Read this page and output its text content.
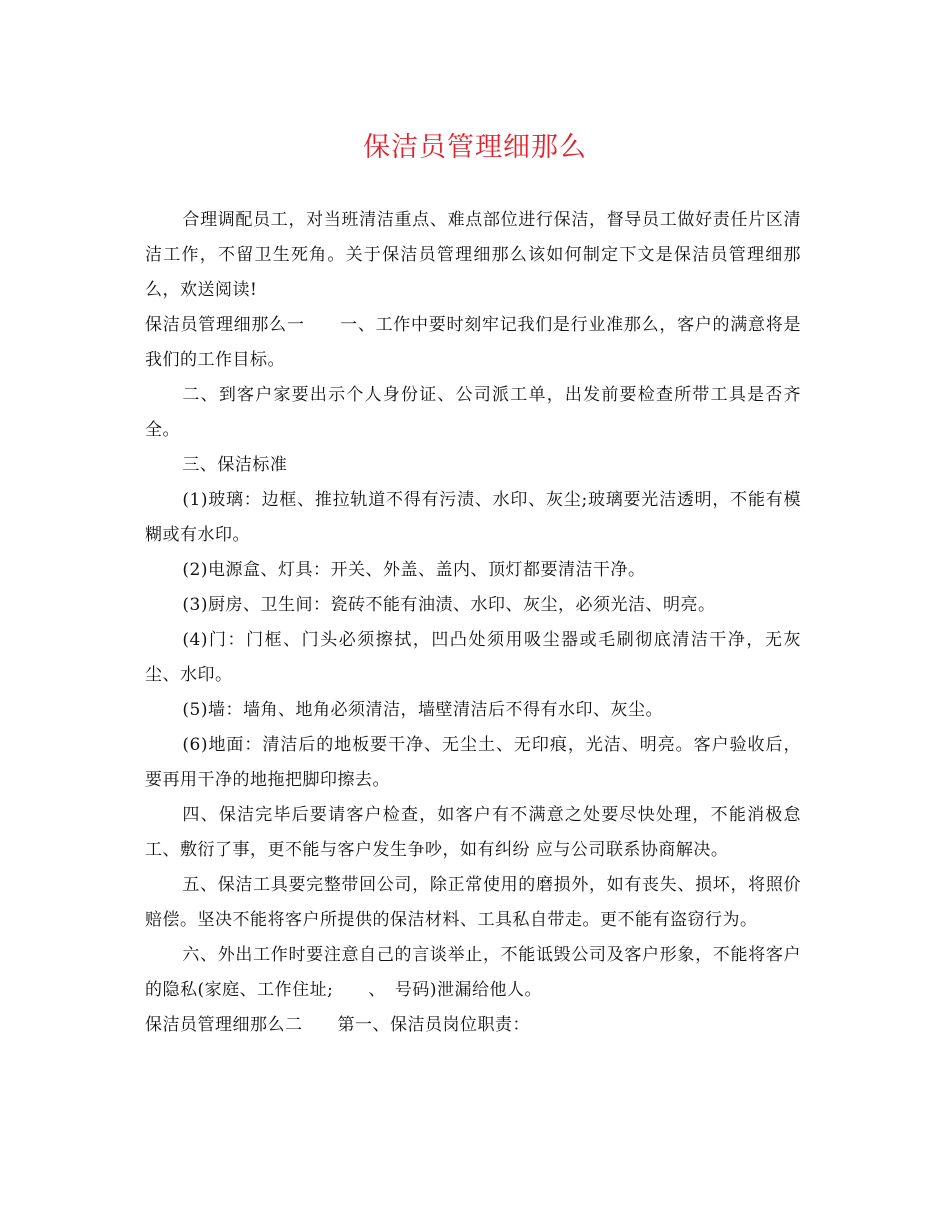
保洁员管理细那么

合理调配员工，对当班清洁重点、难点部位进行保洁，督导员工做好责任片区清洁工作，不留卫生死角。关于保洁员管理细那么该如何制定下文是保洁员管理细那么，欢送阅读!

保洁员管理细那么一　　一、工作中要时刻牢记我们是行业准那么，客户的满意将是我们的工作目标。

二、到客户家要出示个人身份证、公司派工单，出发前要检查所带工具是否齐全。

三、保洁标准

(1)玻璃：边框、推拉轨道不得有污渍、水印、灰尘;玻璃要光洁透明，不能有模糊或有水印。

(2)电源盒、灯具：开关、外盖、盖内、顶灯都要清洁干净。

(3)厨房、卫生间：瓷砖不能有油渍、水印、灰尘，必须光洁、明亮。

(4)门：门框、门头必须擦拭，凹凸处须用吸尘器或毛刷彻底清洁干净，无灰尘、水印。

(5)墙：墙角、地角必须清洁，墙壁清洁后不得有水印、灰尘。

(6)地面：清洁后的地板要干净、无尘土、无印痕，光洁、明亮。客户验收后，要再用干净的地拖把脚印擦去。

四、保洁完毕后要请客户检查，如客户有不满意之处要尽快处理，不能消极怠工、敷衍了事，更不能与客户发生争吵，如有纠纷 应与公司联系协商解决。

五、保洁工具要完整带回公司，除正常使用的磨损外，如有丧失、损坏，将照价赔偿。坚决不能将客户所提供的保洁材料、工具私自带走。更不能有盗窃行为。

六、外出工作时要注意自己的言谈举止，不能诋毁公司及客户形象，不能将客户的隐私(家庭、工作住址;　　、　号码)泄漏给他人。

保洁员管理细那么二　　第一、保洁员岗位职责：
